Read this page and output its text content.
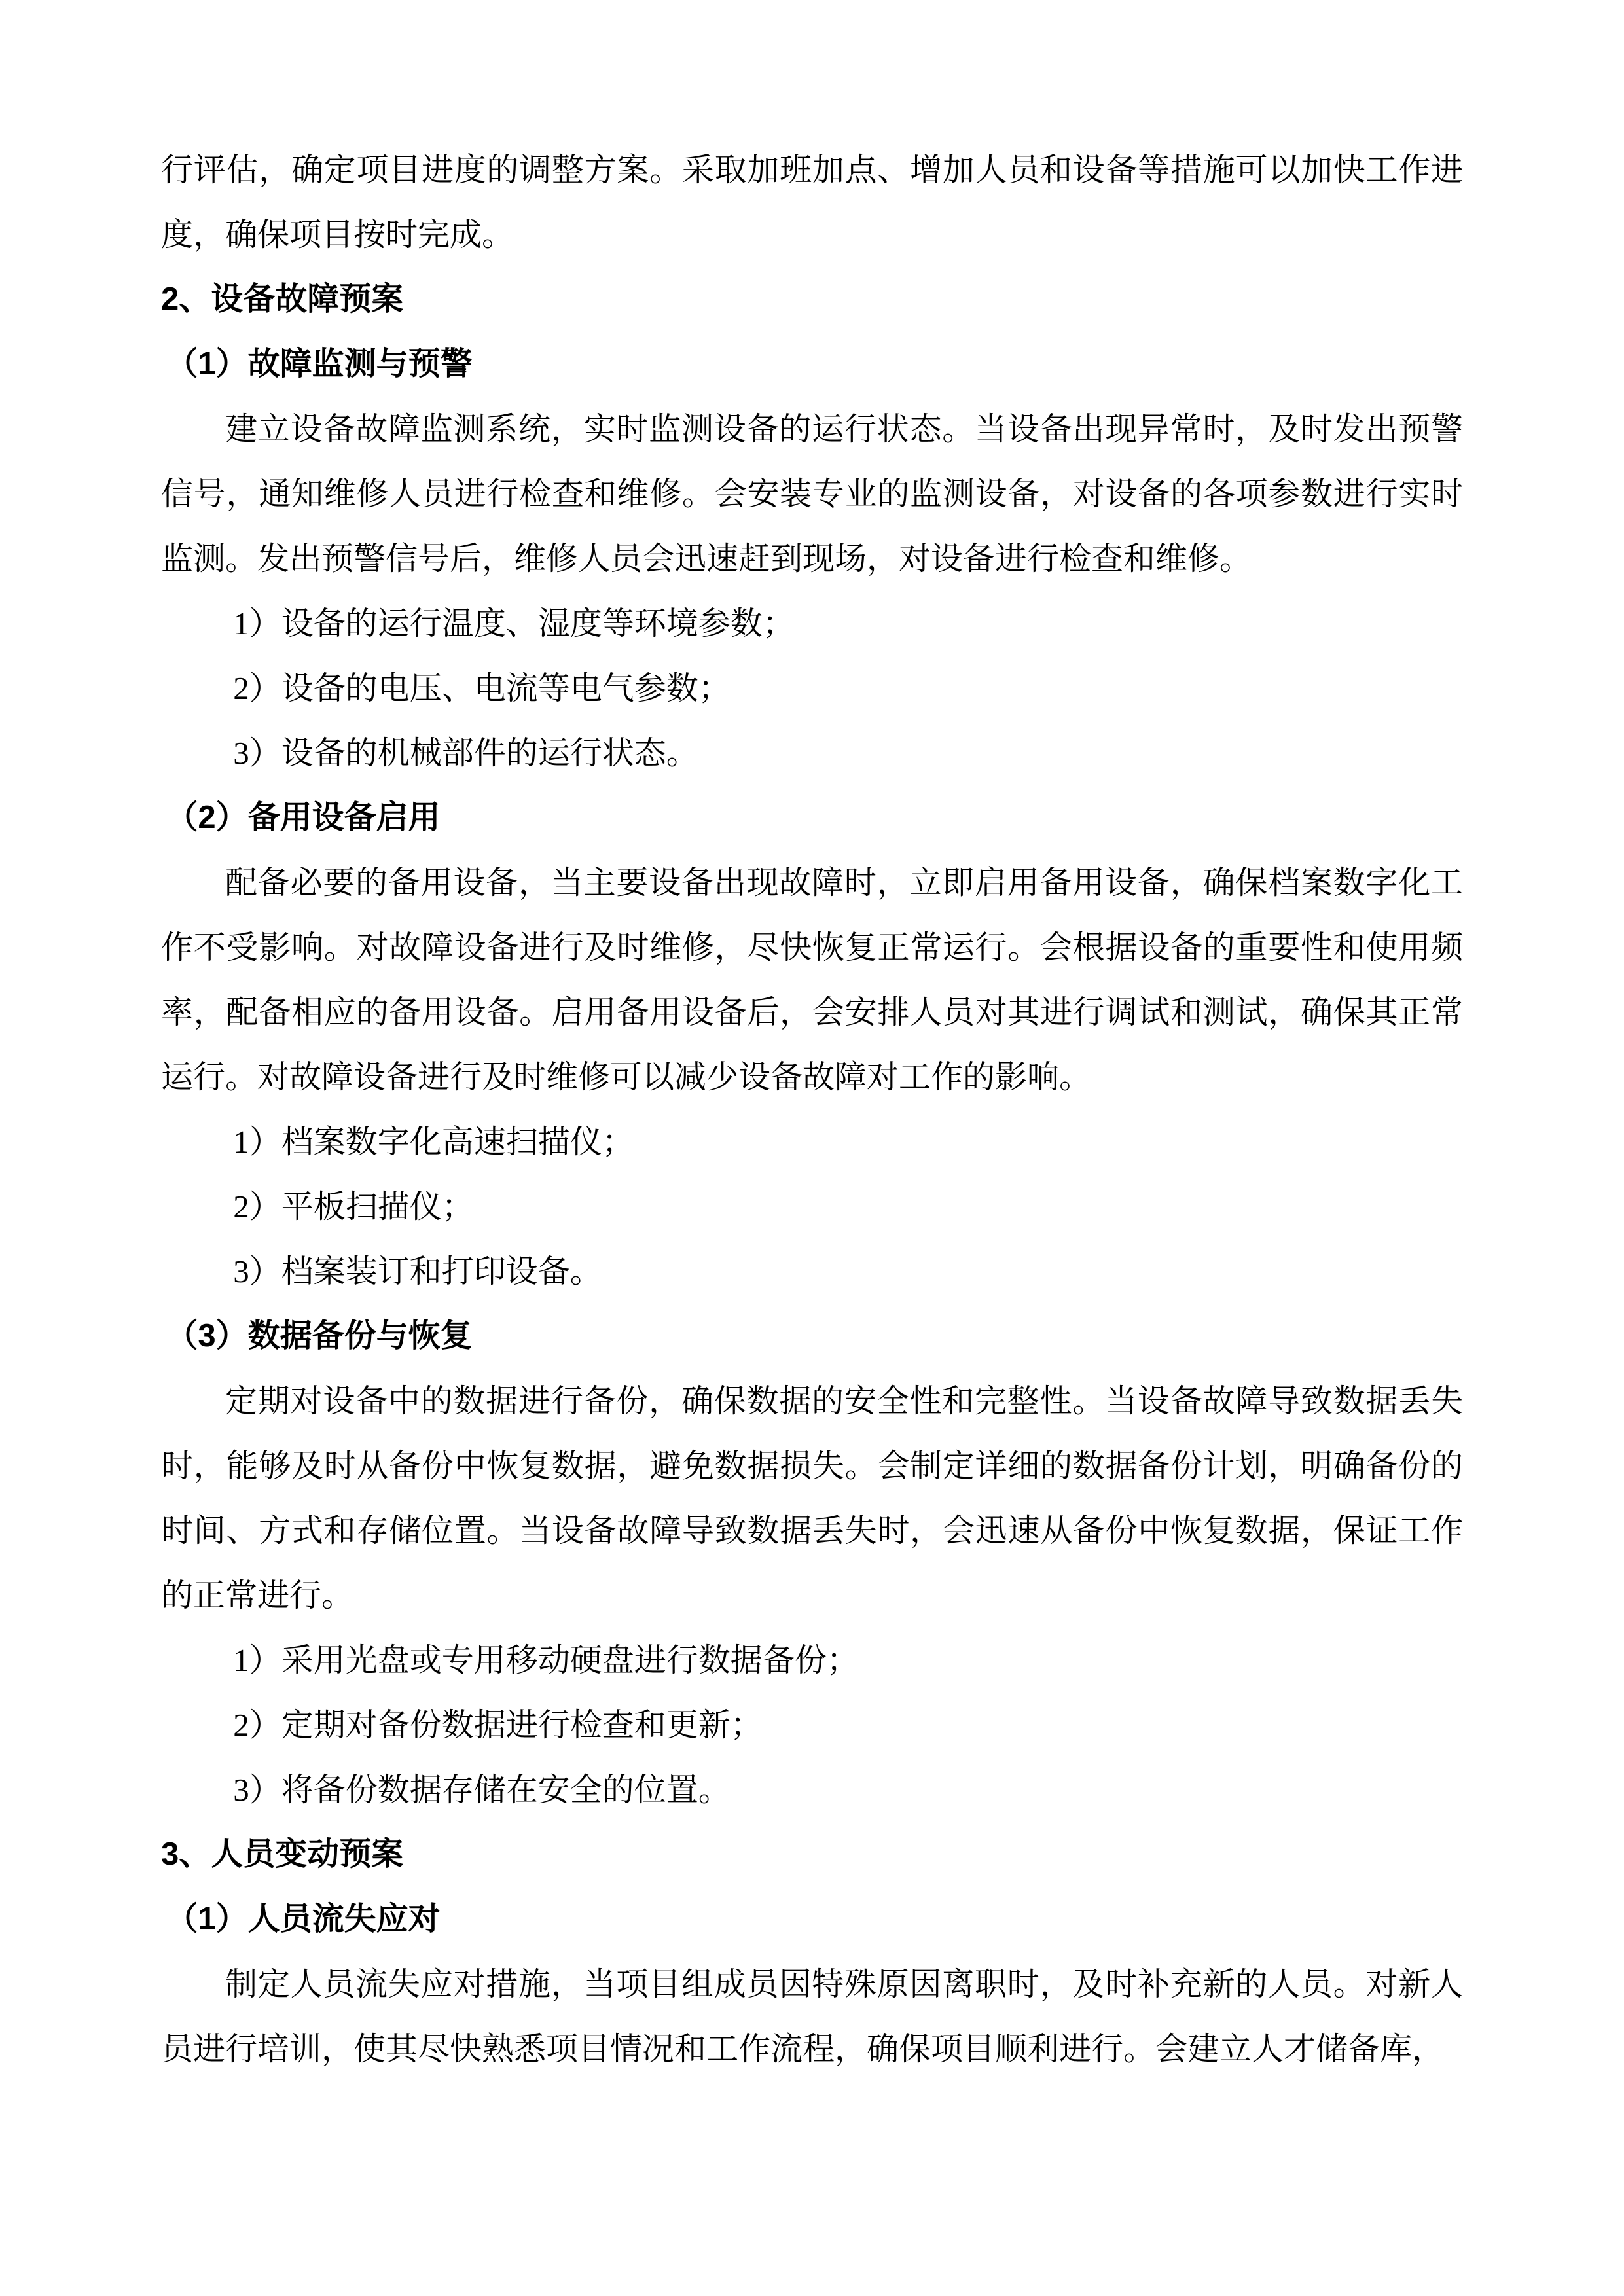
行评估，确定项目进度的调整方案。采取加班加点、增加人员和设备等措施可以加快工作进度，确保项目按时完成。

2、设备故障预案

（1）故障监测与预警

建立设备故障监测系统，实时监测设备的运行状态。当设备出现异常时，及时发出预警信号，通知维修人员进行检查和维修。会安装专业的监测设备，对设备的各项参数进行实时监测。发出预警信号后，维修人员会迅速赶到现场，对设备进行检查和维修。

1）设备的运行温度、湿度等环境参数；

2）设备的电压、电流等电气参数；

3）设备的机械部件的运行状态。

（2）备用设备启用

配备必要的备用设备，当主要设备出现故障时，立即启用备用设备，确保档案数字化工作不受影响。对故障设备进行及时维修，尽快恢复正常运行。会根据设备的重要性和使用频率，配备相应的备用设备。启用备用设备后，会安排人员对其进行调试和测试，确保其正常运行。对故障设备进行及时维修可以减少设备故障对工作的影响。

1）档案数字化高速扫描仪；

2）平板扫描仪；

3）档案装订和打印设备。

（3）数据备份与恢复

定期对设备中的数据进行备份，确保数据的安全性和完整性。当设备故障导致数据丢失时，能够及时从备份中恢复数据，避免数据损失。会制定详细的数据备份计划，明确备份的时间、方式和存储位置。当设备故障导致数据丢失时，会迅速从备份中恢复数据，保证工作的正常进行。

1）采用光盘或专用移动硬盘进行数据备份；

2）定期对备份数据进行检查和更新；

3）将备份数据存储在安全的位置。

3、人员变动预案

（1）人员流失应对

制定人员流失应对措施，当项目组成员因特殊原因离职时，及时补充新的人员。对新人员进行培训，使其尽快熟悉项目情况和工作流程，确保项目顺利进行。会建立人才储备库，
